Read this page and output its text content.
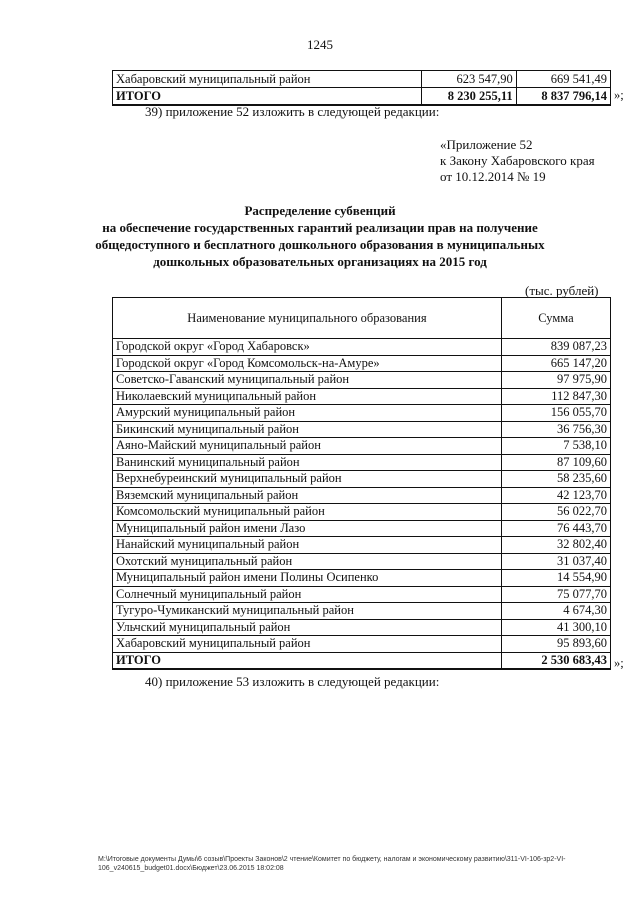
1245
Хабаровский муниципальный район	623 547,90	669 541,49
ИТОГО	8 230 255,11	8 837 796,14 »;
39) приложение 52 изложить в следующей редакции:
«Приложение 52
к Закону Хабаровского края
от 10.12.2014 № 19
Распределение субвенций
на обеспечение государственных гарантий реализации прав на получение
общедоступного и бесплатного дошкольного образования в муниципальных
дошкольных образовательных организациях на 2015 год
(тыс. рублей)
Наименование муниципального образования	Сумма
Городской округ «Город Хабаровск»	839 087,23
Городской округ «Город Комсомольск-на-Амуре»	665 147,20
Советско-Гаванский муниципальный район	97 975,90
Николаевский муниципальный район	112 847,30
Амурский муниципальный район	156 055,70
Бикинский муниципальный район	36 756,30
Аяно-Майский муниципальный район	7 538,10
Ванинский муниципальный район	87 109,60
Верхнебуреинский муниципальный район	58 235,60
Вяземский муниципальный район	42 123,70
Комсомольский муниципальный район	56 022,70
Муниципальный район имени Лазо	76 443,70
Нанайский муниципальный район	32 802,40
Охотский муниципальный район	31 037,40
Муниципальный район имени Полины Осипенко	14 554,90
Солнечный муниципальный район	75 077,70
Тугуро-Чумиканский муниципальный район	4 674,30
Ульчский муниципальный район	41 300,10
Хабаровский муниципальный район	95 893,60
ИТОГО	2 530 683,43 »;
40) приложение 53 изложить в следующей редакции:
М:\Итоговые документы Думы\6 созыв\Проекты Законов\2 чтение\Комитет по бюджету, налогам и экономическому развитию\311-VI-106-зр2-VI-
106_v240615_budget01.docx\Бюджет\23.06.2015 18:02:08
